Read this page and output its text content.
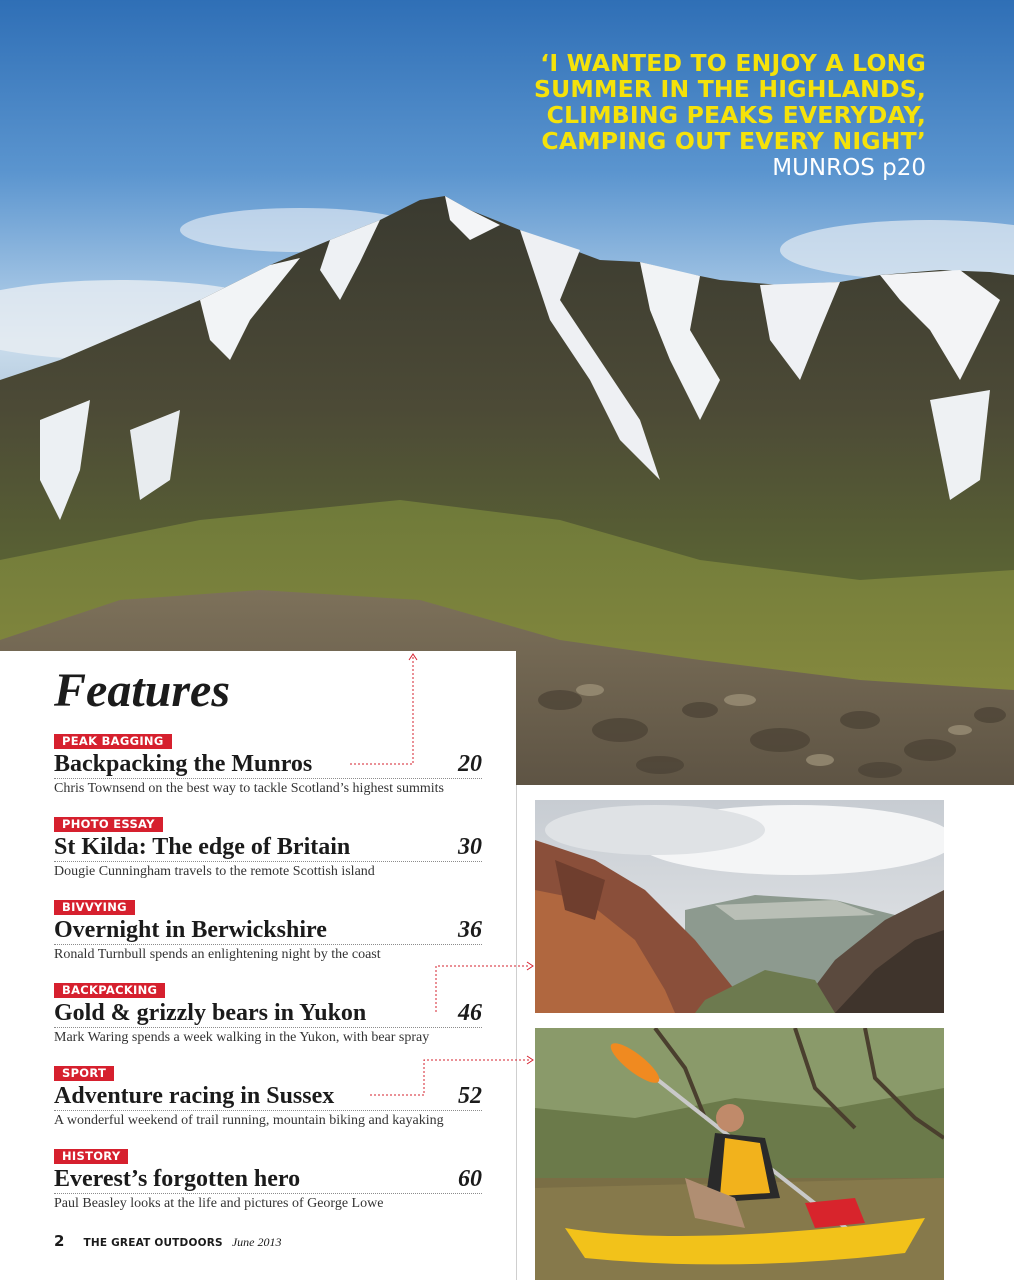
‘I WANTED TO ENJOY A LONG
SUMMER IN THE HIGHLANDS,
CLIMBING PEAKS EVERYDAY,
CAMPING OUT EVERY NIGHT’
MUNROS p20
Features
PEAK BAGGING
Backpacking the Munros	20
Chris Townsend on the best way to tackle Scotland’s highest summits
PHOTO ESSAY
St Kilda: The edge of Britain	30
Dougie Cunningham travels to the remote Scottish island
BIVVYING
Overnight in Berwickshire	36
Ronald Turnbull spends an enlightening night by the coast
BACKPACKING
Gold & grizzly bears in Yukon	46
Mark Waring spends a week walking in the Yukon, with bear spray
SPORT
Adventure racing in Sussex	52
A wonderful weekend of trail running, mountain biking and kayaking
HISTORY
Everest’s forgotten hero	60
Paul Beasley looks at the life and pictures of George Lowe
2 THE GREAT OUTDOORS June 2013
